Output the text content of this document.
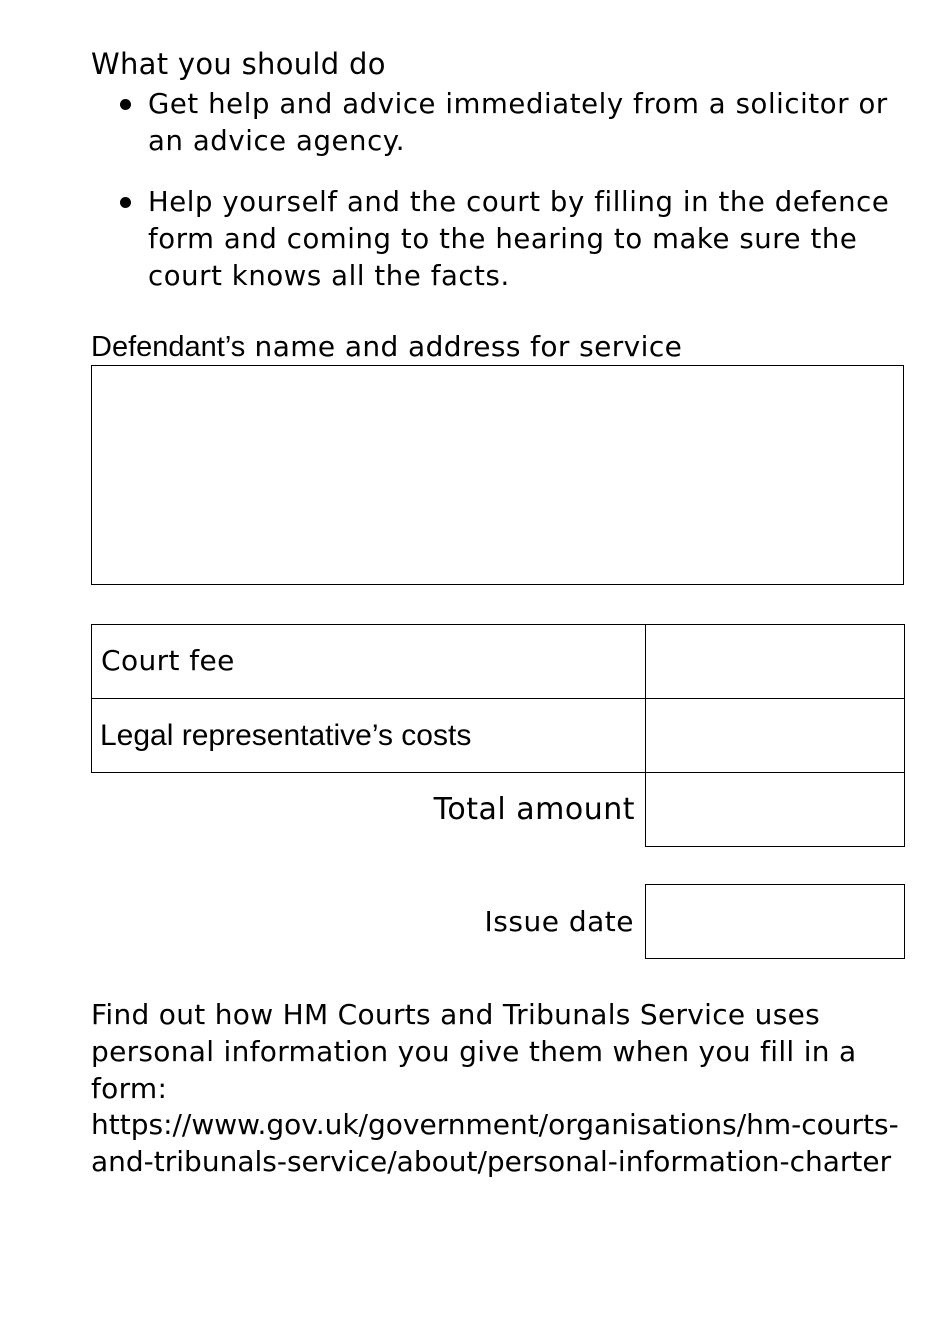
What you should do
Get help and advice immediately from a solicitor or an advice agency.
Help yourself and the court by filling in the defence form and coming to the hearing to make sure the court knows all the facts.
Defendant’s name and address for service
Court fee
Legal representative’s costs
Total amount
Issue date

Find out how HM Courts and Tribunals Service uses personal information you give them when you fill in a form:

https://www.gov.uk/government/organisations/hm-courts-and-tribunals-service/about/personal-information-charter
